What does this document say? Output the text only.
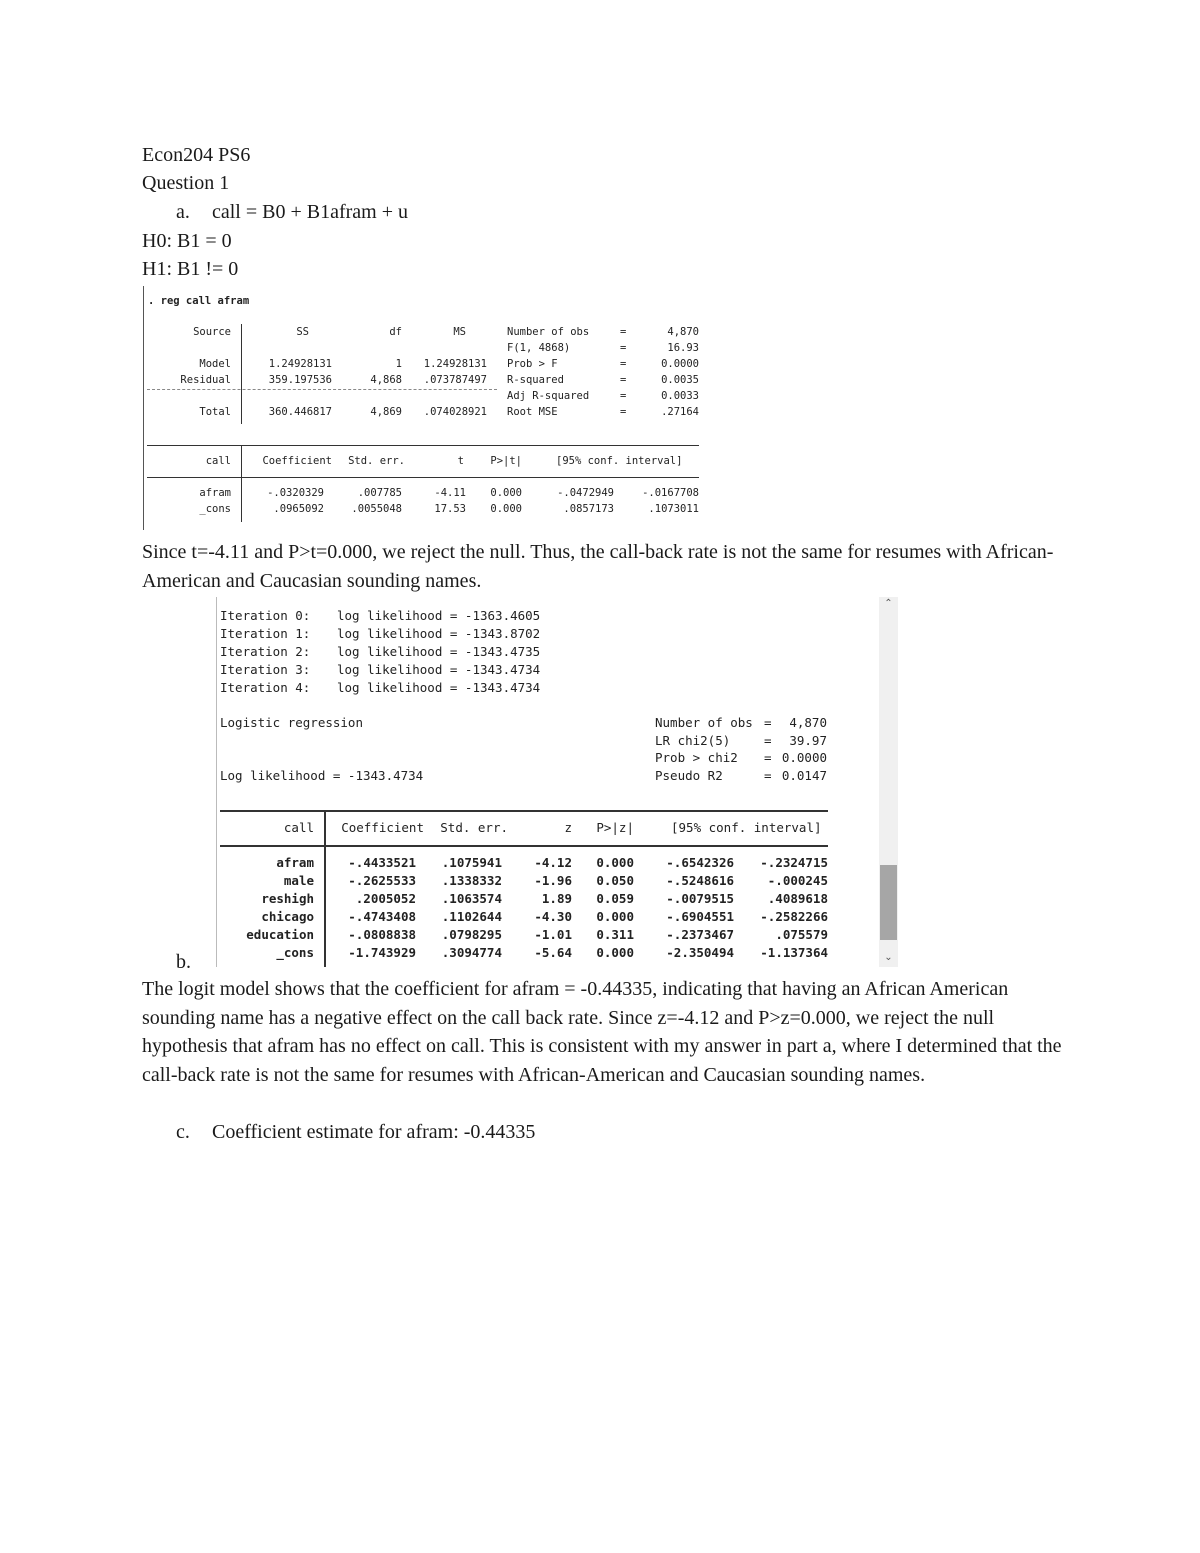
Econ204 PS6
Question 1
a. call = B0 + B1afram + u
H0: B1 = 0
H1: B1 != 0
. reg call afram
Source	SS	df	MS
Model	1.24928131	1	1.24928131
Residual	359.197536	4,868	.073787497
Total	360.446817	4,869	.074028921
Number of obs	=	4,870
F(1, 4868)	=	16.93
Prob > F	=	0.0000
R-squared	=	0.0035
Adj R-squared	=	0.0033
Root MSE	=	.27164
call	Coefficient	Std. err.	t	P>|t|	[95% conf. interval]
afram	-.0320329	.007785	-4.11	0.000	-.0472949	-.0167708
_cons	.0965092	.0055048	17.53	0.000	.0857173	.1073011
Since t=-4.11 and P>t=0.000, we reject the null. Thus, the call-back rate is not the same for resumes with African-American and Caucasian sounding names.
Iteration 0: log likelihood = -1363.4605
Iteration 1: log likelihood = -1343.8702
Iteration 2: log likelihood = -1343.4735
Iteration 3: log likelihood = -1343.4734
Iteration 4: log likelihood = -1343.4734
Logistic regression
Log likelihood = -1343.4734
Number of obs =	4,870
LR chi2(5)	=	39.97
Prob > chi2 = 0.0000
Pseudo R2	= 0.0147
call	Coefficient	Std. err.	z	P>|z|	[95% conf. interval]
afram	-.4433521	.1075941	-4.12	0.000	-.6542326	-.2324715
male	-.2625533	.1338332	-1.96	0.050	-.5248616	-.000245
reshigh	.2005052	.1063574	1.89	0.059	-.0079515	.4089618
chicago	-.4743408	.1102644	-4.30	0.000	-.6904551	-.2582266
education	-.0808838	.0798295	-1.01	0.311	-.2373467	.075579
_cons	-1.743929	.3094774	-5.64	0.000	-2.350494	-1.137364
⌃
⌄
b.
The logit model shows that the coefficient for afram = -0.44335, indicating that having an African American sounding name has a negative effect on the call back rate. Since z=-4.12 and P>z=0.000, we reject the null hypothesis that afram has no effect on call. This is consistent with my answer in part a, where I determined that the call-back rate is not the same for resumes with African-American and Caucasian sounding names.
c. Coefficient estimate for afram: -0.44335
